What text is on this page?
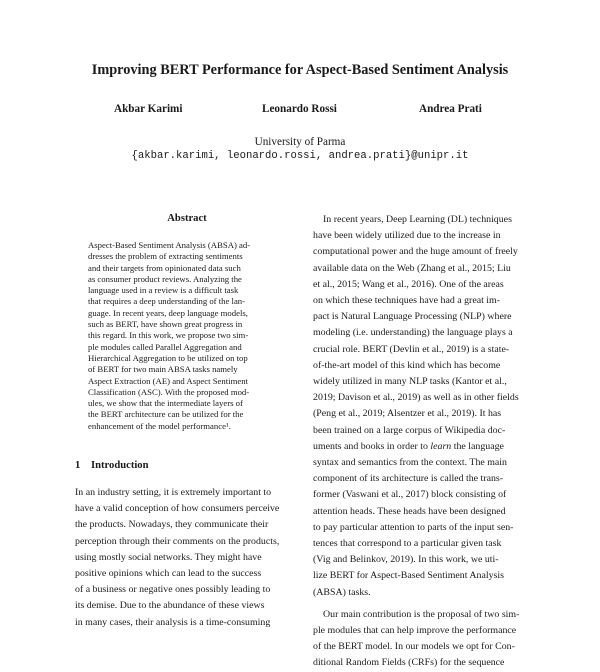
Improving BERT Performance for Aspect-Based Sentiment Analysis
Akbar Karimi	Leonardo Rossi	Andrea Prati
University of Parma
{akbar.karimi, leonardo.rossi, andrea.prati}@unipr.it
Abstract
Aspect-Based Sentiment Analysis (ABSA) ad-
dresses the problem of extracting sentiments
and their targets from opinionated data such
as consumer product reviews. Analyzing the
language used in a review is a difficult task
that requires a deep understanding of the lan-
guage. In recent years, deep language models,
such as BERT, have shown great progress in
this regard. In this work, we propose two sim-
ple modules called Parallel Aggregation and
Hierarchical Aggregation to be utilized on top
of BERT for two main ABSA tasks namely
Aspect Extraction (AE) and Aspect Sentiment
Classification (ASC). With the proposed mod-
ules, we show that the intermediate layers of
the BERT architecture can be utilized for the
enhancement of the model performance¹.
1 Introduction
In an industry setting, it is extremely important to
have a valid conception of how consumers perceive
the products. Nowadays, they communicate their
perception through their comments on the products,
using mostly social networks. They might have
positive opinions which can lead to the success
of a business or negative ones possibly leading to
its demise. Due to the abundance of these views
in many cases, their analysis is a time-consuming
In recent years, Deep Learning (DL) techniques
have been widely utilized due to the increase in
computational power and the huge amount of freely
available data on the Web (Zhang et al., 2015; Liu
et al., 2015; Wang et al., 2016). One of the areas
on which these techniques have had a great im-
pact is Natural Language Processing (NLP) where
modeling (i.e. understanding) the language plays a
crucial role. BERT (Devlin et al., 2019) is a state-
of-the-art model of this kind which has become
widely utilized in many NLP tasks (Kantor et al.,
2019; Davison et al., 2019) as well as in other fields
(Peng et al., 2019; Alsentzer et al., 2019). It has
been trained on a large corpus of Wikipedia doc-
uments and books in order to learn the language
syntax and semantics from the context. The main
component of its architecture is called the trans-
former (Vaswani et al., 2017) block consisting of
attention heads. These heads have been designed
to pay particular attention to parts of the input sen-
tences that correspond to a particular given task
(Vig and Belinkov, 2019). In this work, we uti-
lize BERT for Aspect-Based Sentiment Analysis
(ABSA) tasks.
Our main contribution is the proposal of two sim-
ple modules that can help improve the performance
of the BERT model. In our models we opt for Con-
ditional Random Fields (CRFs) for the sequence
